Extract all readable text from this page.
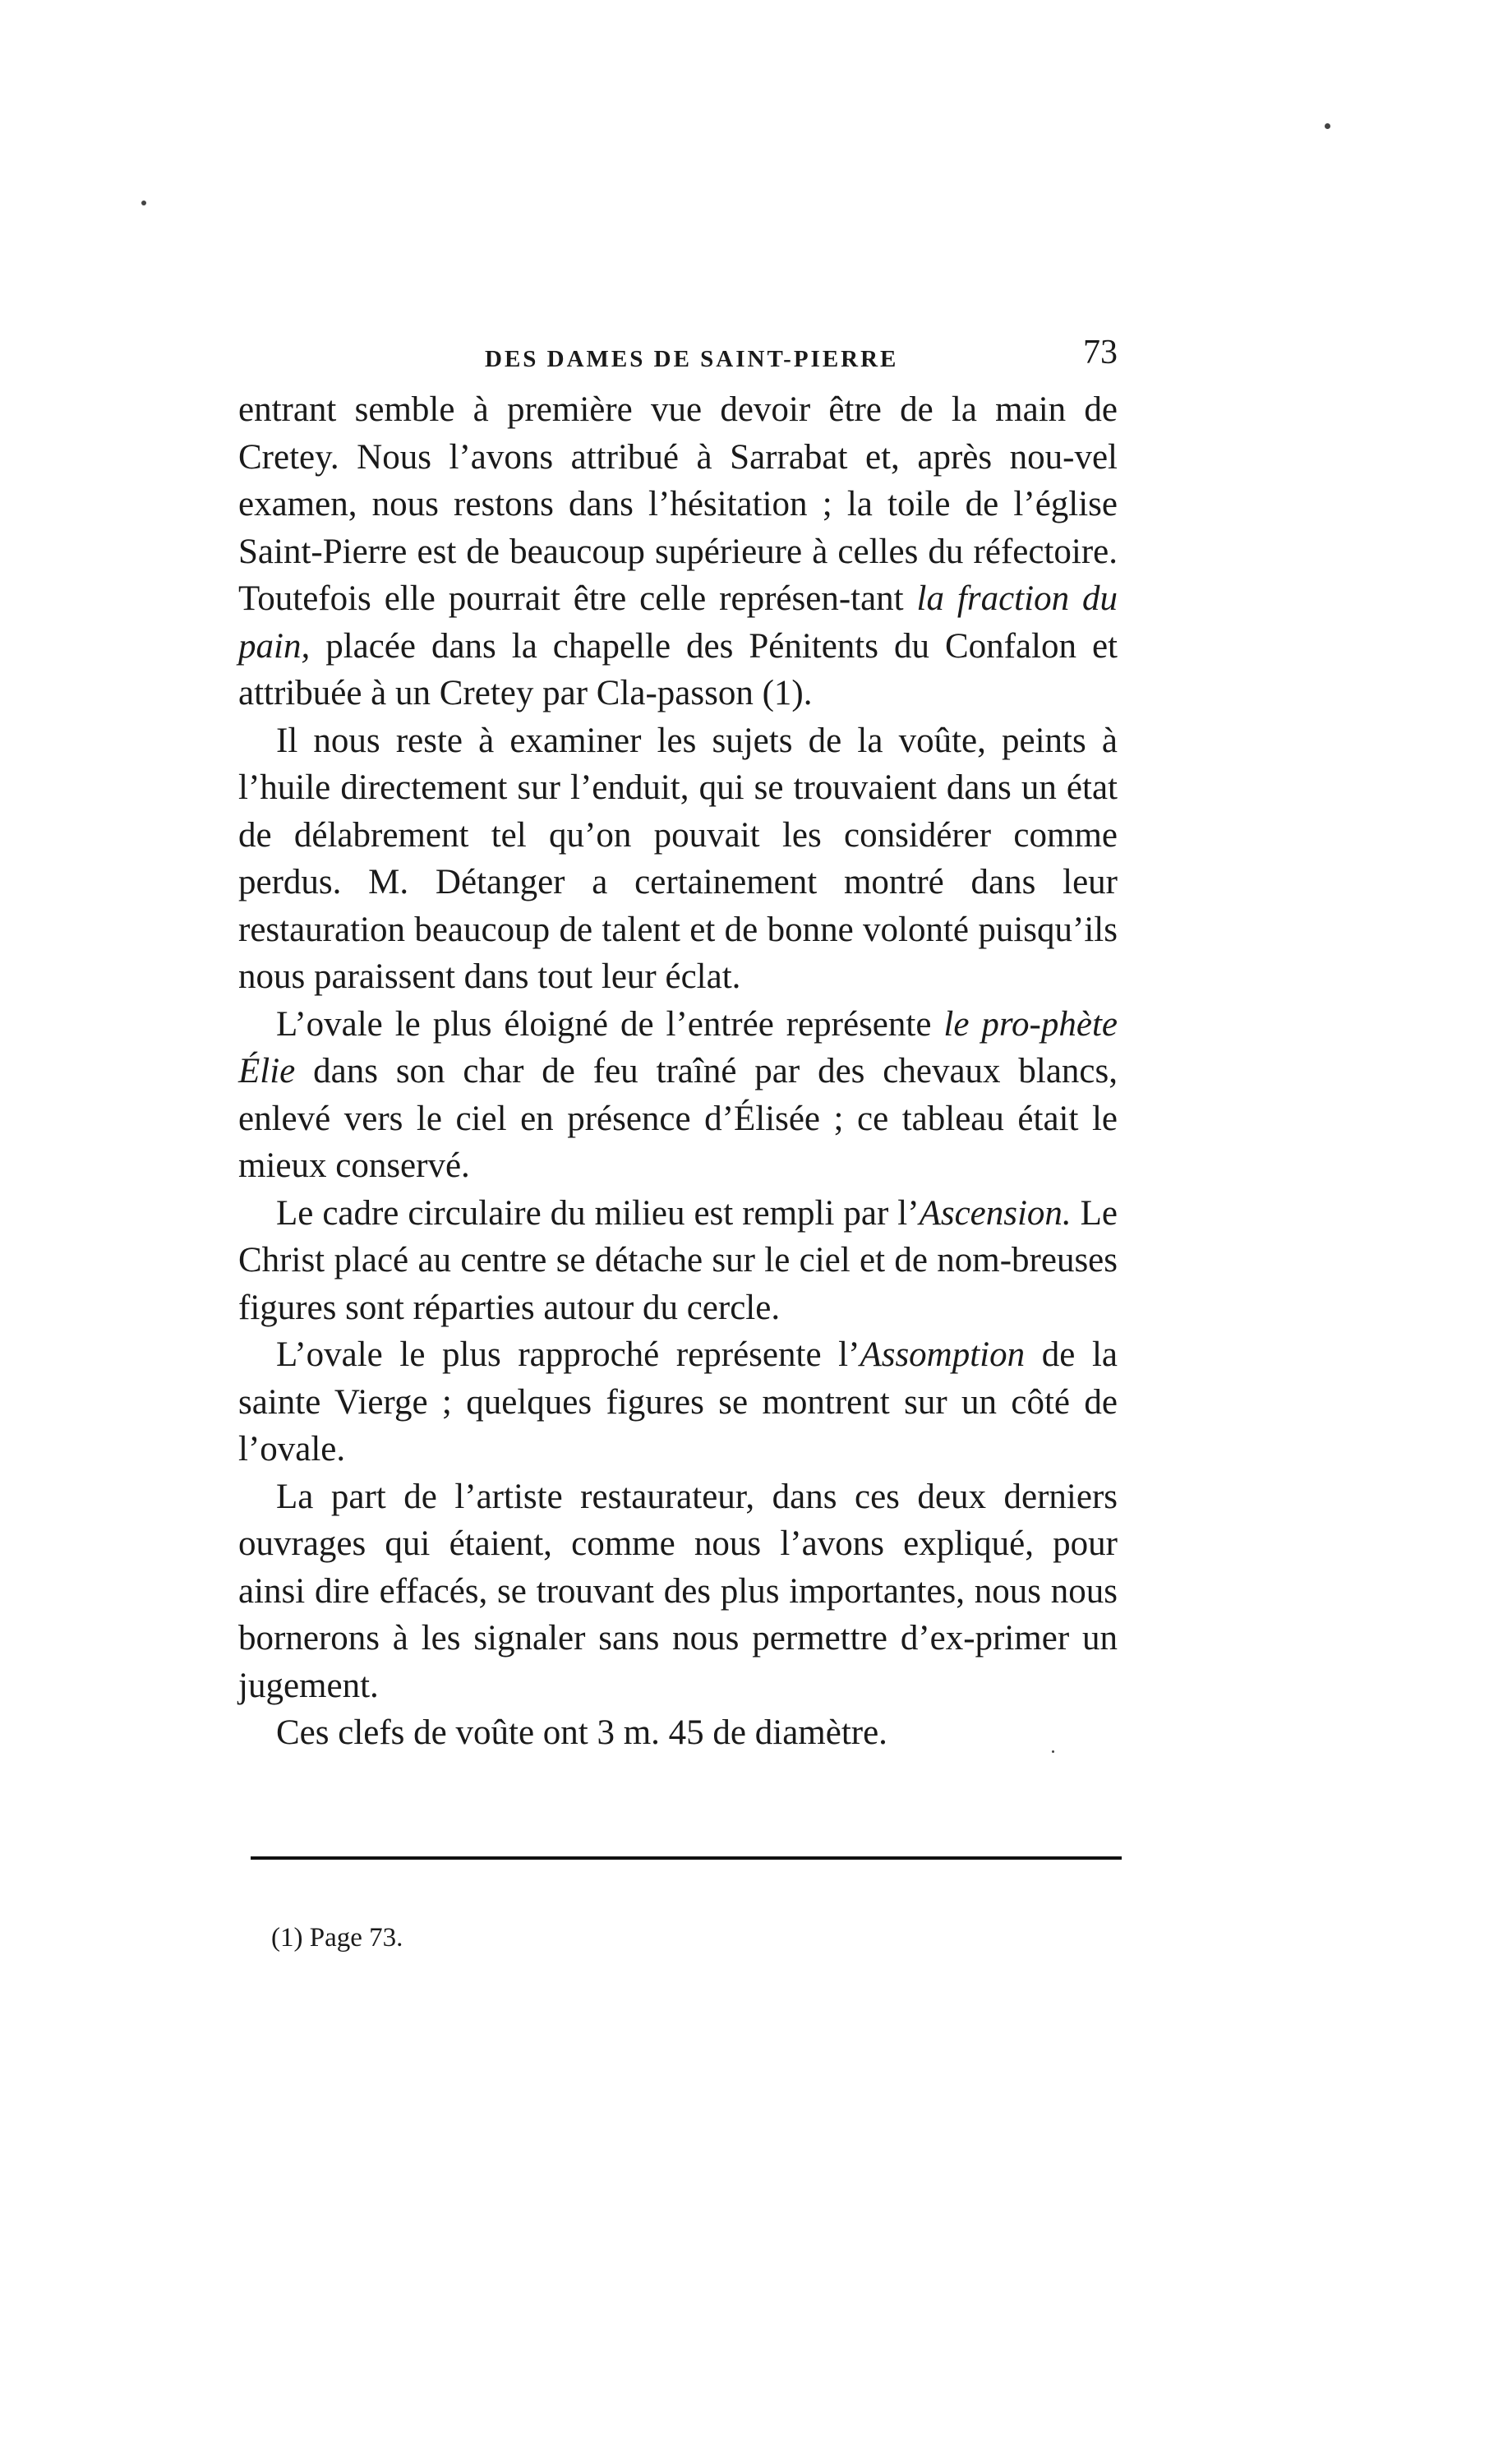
DES DAMES DE SAINT-PIERRE	73

entrant semble à première vue devoir être de la main de Cretey. Nous l’avons attribué à Sarrabat et, après nou-vel examen, nous restons dans l’hésitation ; la toile de l’église Saint-Pierre est de beaucoup supérieure à celles du réfectoire. Toutefois elle pourrait être celle représen-tant la fraction du pain, placée dans la chapelle des Pénitents du Confalon et attribuée à un Cretey par Cla-passon (1).

Il nous reste à examiner les sujets de la voûte, peints à l’huile directement sur l’enduit, qui se trouvaient dans un état de délabrement tel qu’on pouvait les considérer comme perdus. M. Détanger a certainement montré dans leur restauration beaucoup de talent et de bonne volonté puisqu’ils nous paraissent dans tout leur éclat.

L’ovale le plus éloigné de l’entrée représente le pro-phète Élie dans son char de feu traîné par des chevaux blancs, enlevé vers le ciel en présence d’Élisée ; ce tableau était le mieux conservé.

Le cadre circulaire du milieu est rempli par l’Ascension. Le Christ placé au centre se détache sur le ciel et de nom-breuses figures sont réparties autour du cercle.

L’ovale le plus rapproché représente l’Assomption de la sainte Vierge ; quelques figures se montrent sur un côté de l’ovale.

La part de l’artiste restaurateur, dans ces deux derniers ouvrages qui étaient, comme nous l’avons expliqué, pour ainsi dire effacés, se trouvant des plus importantes, nous nous bornerons à les signaler sans nous permettre d’ex-primer un jugement.

Ces clefs de voûte ont 3 m. 45 de diamètre.

(1) Page 73.
